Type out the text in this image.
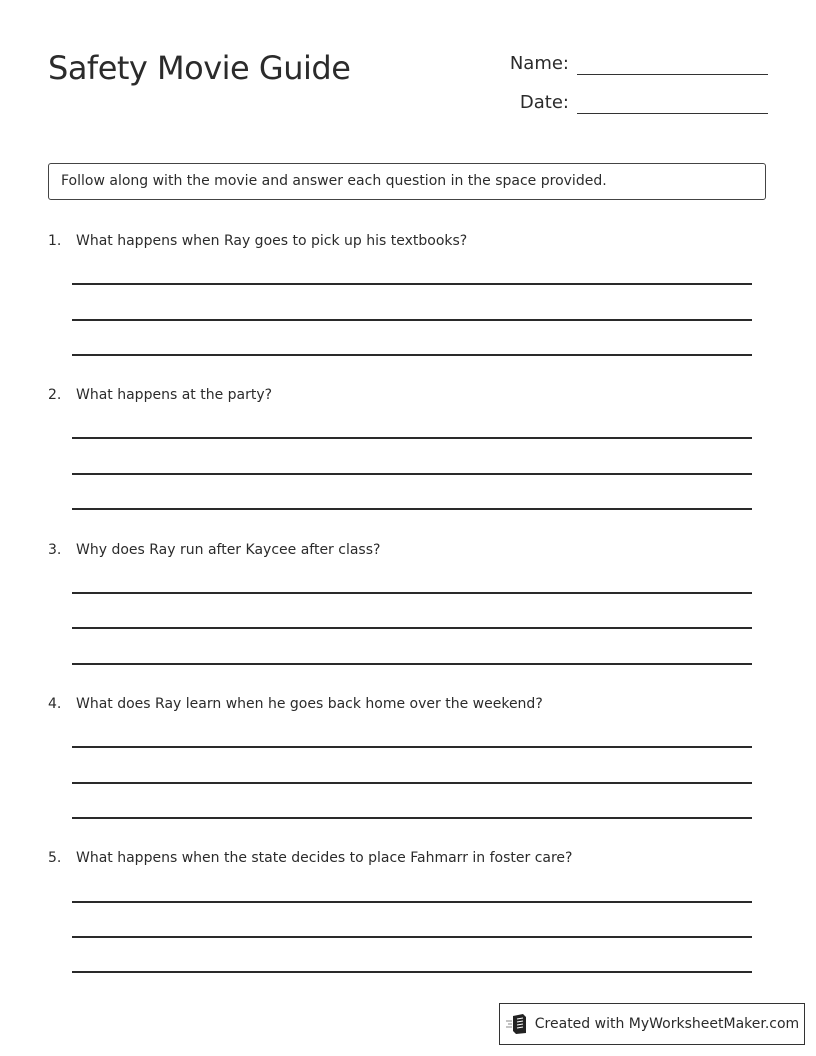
Safety Movie Guide	Name:
Date:
Follow along with the movie and answer each question in the space provided.
1.	What happens when Ray goes to pick up his textbooks?
2.	What happens at the party?
3.	Why does Ray run after Kaycee after class?
4.	What does Ray learn when he goes back home over the weekend?
5.	What happens when the state decides to place Fahmarr in foster care?
Created with MyWorksheetMaker.com
